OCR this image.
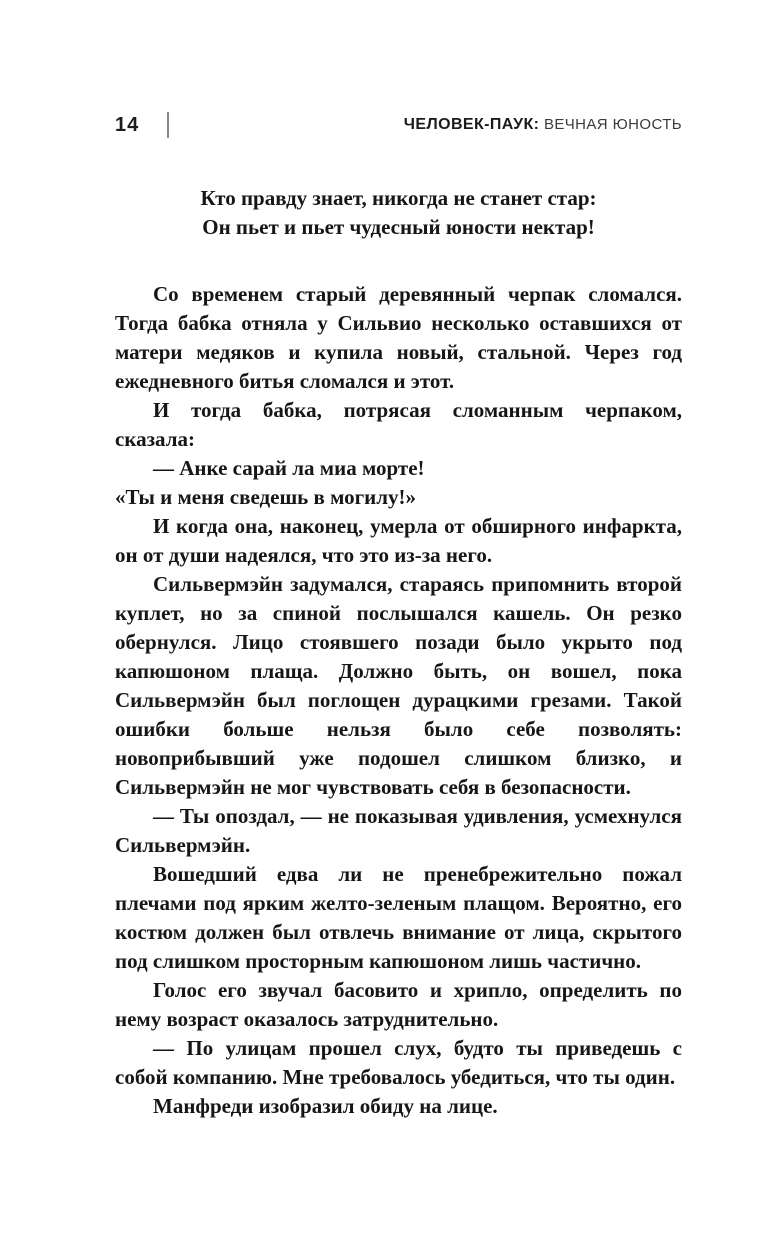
14	ЧЕЛОВЕК-ПАУК: ВЕЧНАЯ ЮНОСТЬ
Кто правду знает, никогда не станет стар:
Он пьет и пьет чудесный юности нектар!

Со временем старый деревянный черпак сломался. Тогда бабка отняла у Сильвио несколько оставшихся от матери медяков и купила новый, стальной. Через год ежедневного битья сломался и этот.

И тогда бабка, потрясая сломанным черпаком, сказала:

— Анке сарай ла миа морте!

«Ты и меня сведешь в могилу!»

И когда она, наконец, умерла от обширного инфаркта, он от души надеялся, что это из-за него.

Сильвермэйн задумался, стараясь припомнить второй куплет, но за спиной послышался кашель. Он резко обернулся. Лицо стоявшего позади было укрыто под капюшоном плаща. Должно быть, он вошел, пока Сильвермэйн был поглощен дурацкими грезами. Такой ошибки больше нельзя было себе позволять: новоприбывший уже подошел слишком близко, и Сильвермэйн не мог чувствовать себя в безопасности.

— Ты опоздал, — не показывая удивления, усмехнулся Сильвермэйн.

Вошедший едва ли не пренебрежительно пожал плечами под ярким желто-зеленым плащом. Вероятно, его костюм должен был отвлечь внимание от лица, скрытого под слишком просторным капюшоном лишь частично.

Голос его звучал басовито и хрипло, определить по нему возраст оказалось затруднительно.

— По улицам прошел слух, будто ты приведешь с собой компанию. Мне требовалось убедиться, что ты один.

Манфреди изобразил обиду на лице.
